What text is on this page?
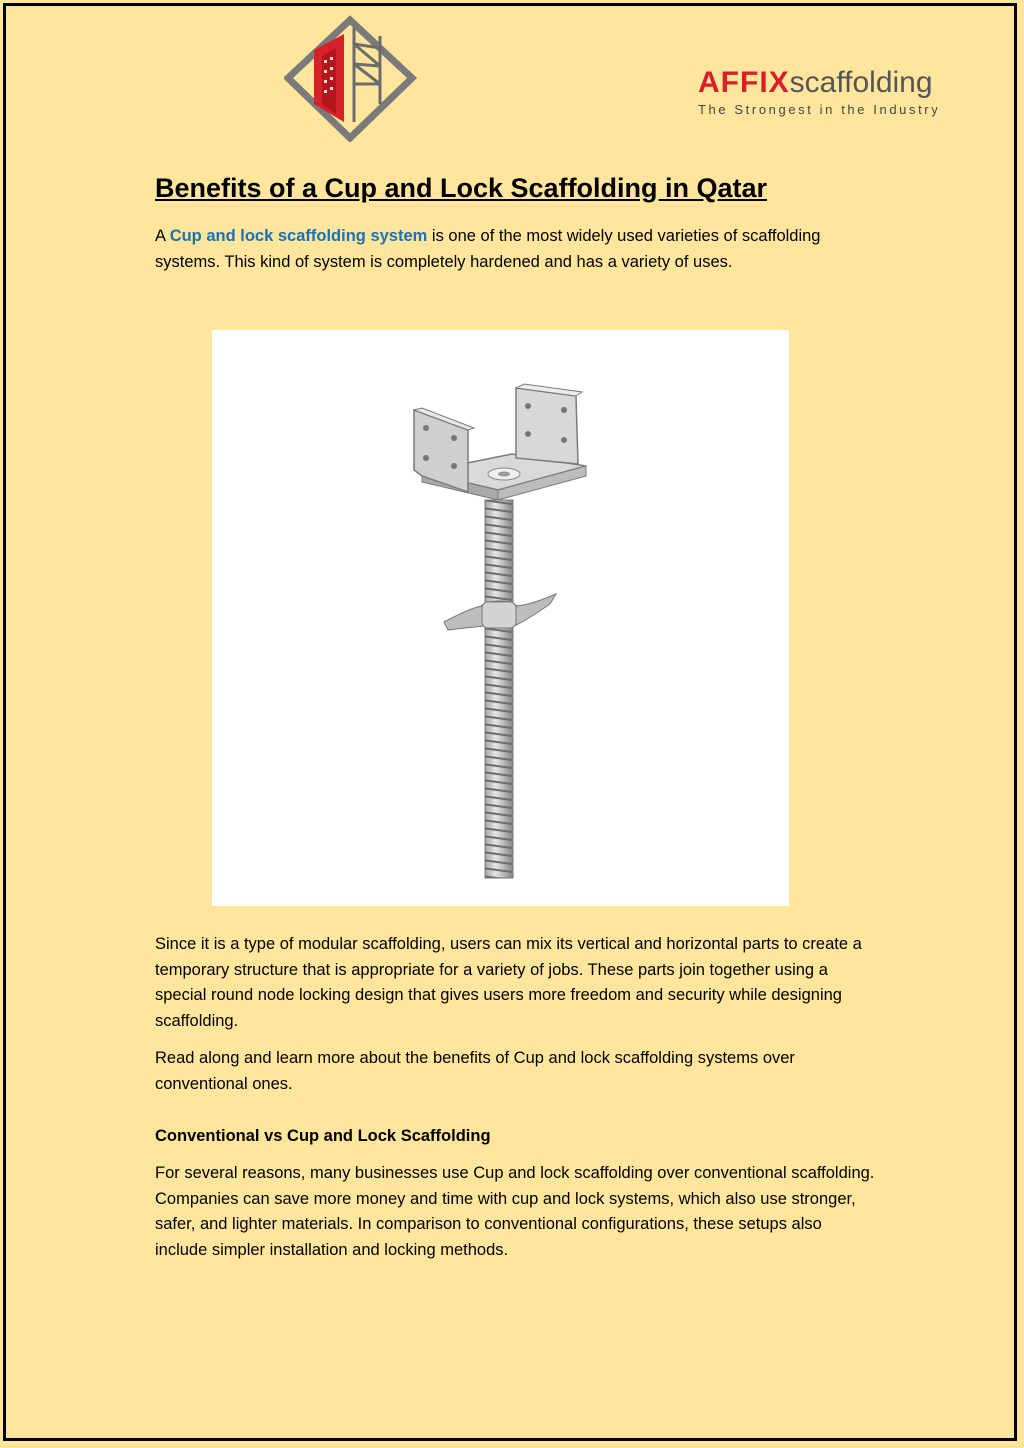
AFFIXscaffolding
The Strongest in the Industry
Benefits of a Cup and Lock Scaffolding in Qatar

A Cup and lock scaffolding system is one of the most widely used varieties of scaffolding systems. This kind of system is completely hardened and has a variety of uses.

Since it is a type of modular scaffolding, users can mix its vertical and horizontal parts to create a temporary structure that is appropriate for a variety of jobs. These parts join together using a special round node locking design that gives users more freedom and security while designing scaffolding.

Read along and learn more about the benefits of Cup and lock scaffolding systems over conventional ones.

Conventional vs Cup and Lock Scaffolding

For several reasons, many businesses use Cup and lock scaffolding over conventional scaffolding. Companies can save more money and time with cup and lock systems, which also use stronger, safer, and lighter materials. In comparison to conventional configurations, these setups also include simpler installation and locking methods.
